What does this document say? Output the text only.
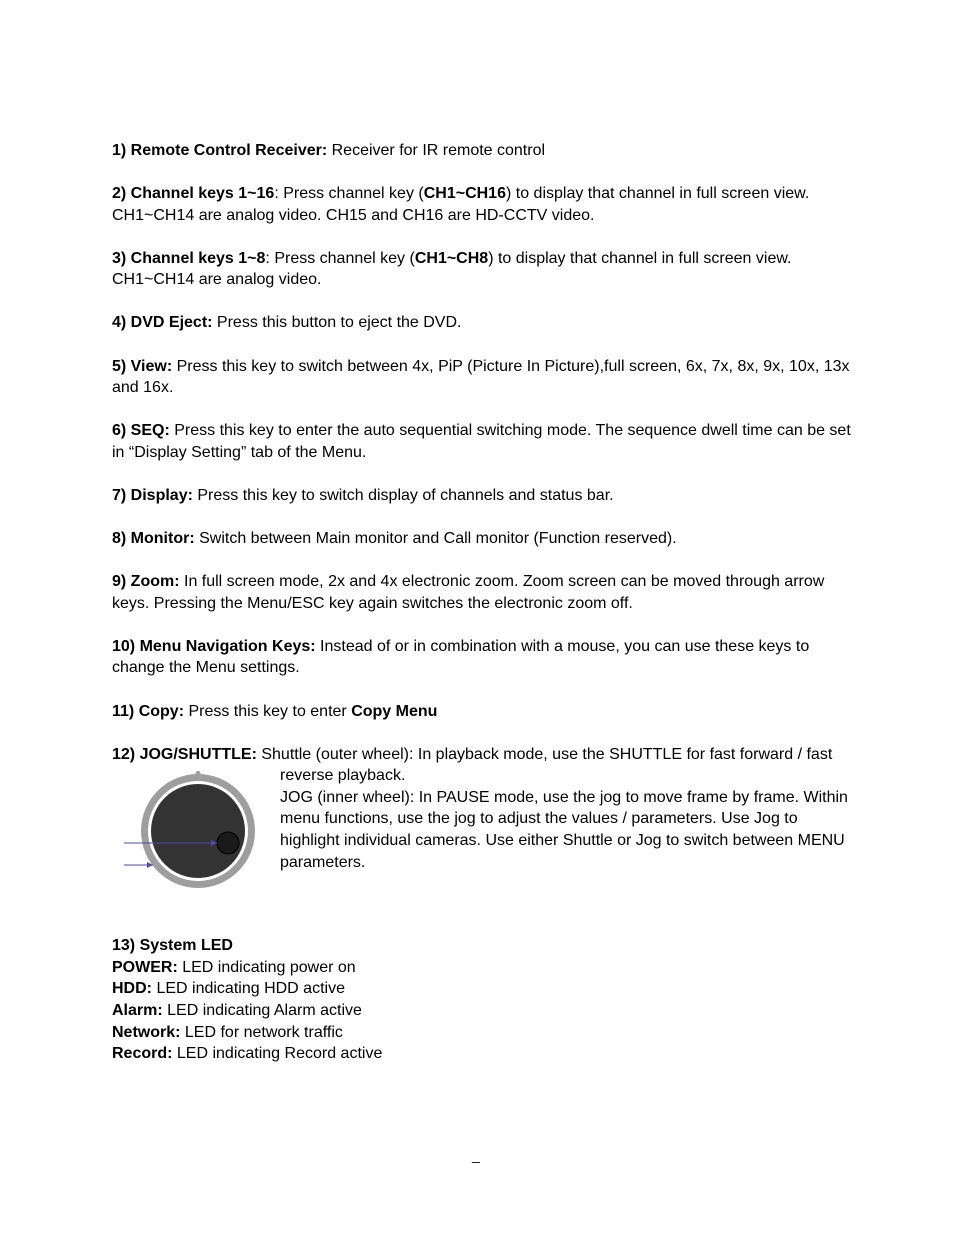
1) Remote Control Receiver: Receiver for IR remote control

2) Channel keys 1~16: Press channel key (CH1~CH16) to display that channel in full screen view.

CH1~CH14 are analog video. CH15 and CH16 are HD-CCTV video.

3) Channel keys 1~8: Press channel key (CH1~CH8) to display that channel in full screen view.

CH1~CH14 are analog video.

4) DVD Eject: Press this button to eject the DVD.

5) View: Press this key to switch between 4x, PiP (Picture In Picture),full screen, 6x, 7x, 8x, 9x, 10x, 13x and 16x.

6) SEQ: Press this key to enter the auto sequential switching mode. The sequence dwell time can be set in “Display Setting” tab of the Menu.

7) Display: Press this key to switch display of channels and status bar.

8) Monitor: Switch between Main monitor and Call monitor (Function reserved).

9) Zoom: In full screen mode, 2x and 4x electronic zoom. Zoom screen can be moved through arrow keys. Pressing the Menu/ESC key again switches the electronic zoom off.

10) Menu Navigation Keys: Instead of or in combination with a mouse, you can use these keys to change the Menu settings.

11) Copy: Press this key to enter Copy Menu

12) JOG/SHUTTLE: Shuttle (outer wheel): In playback mode, use the SHUTTLE for fast forward / fast

reverse playback.

JOG (inner wheel): In PAUSE mode, use the jog to move frame by frame. Within menu functions, use the jog to adjust the values / parameters. Use Jog to highlight individual cameras. Use either Shuttle or Jog to switch between MENU parameters.

13) System LED

POWER: LED indicating power on

HDD: LED indicating HDD active

Alarm: LED indicating Alarm active

Network: LED for network traffic

Record: LED indicating Record active

_
